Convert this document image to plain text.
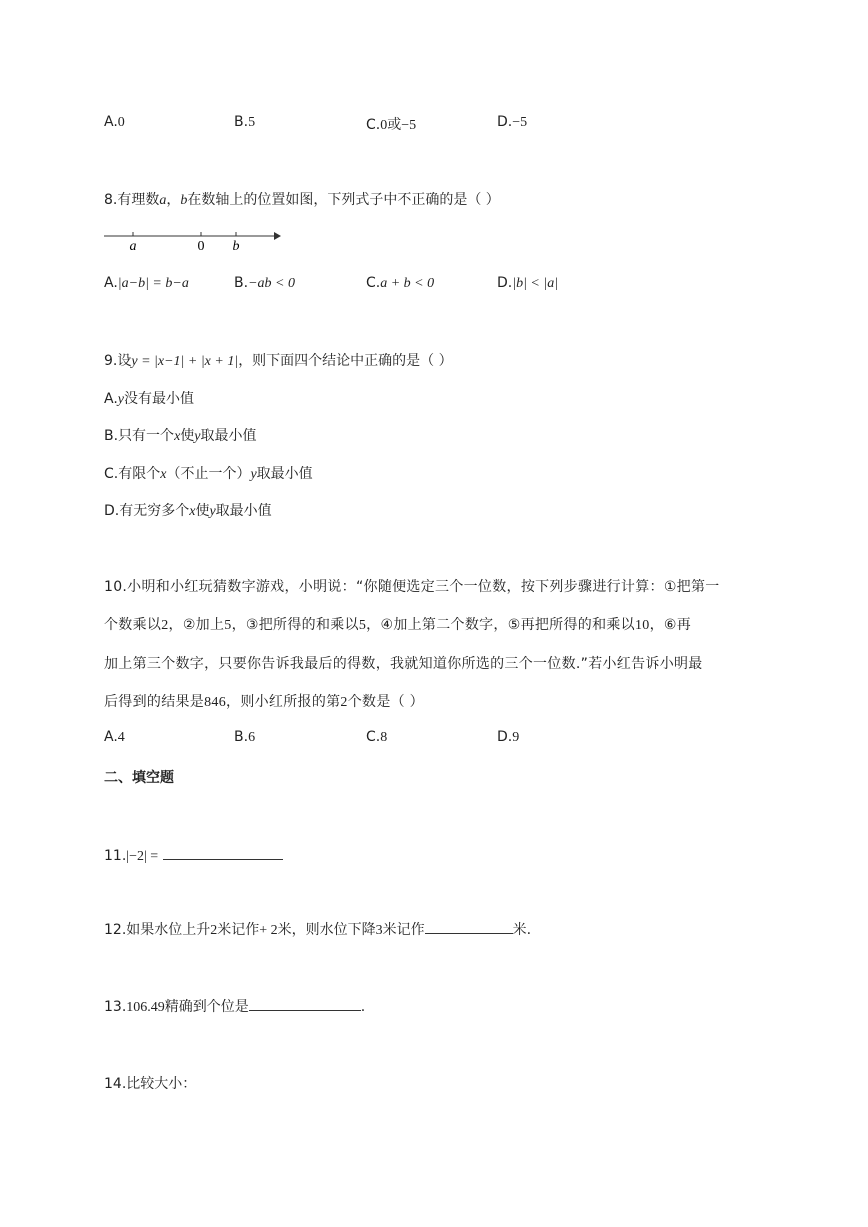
A.0	B.5	C.0或−5	D.−5
8.有理数a，b在数轴上的位置如图，下列式子中不正确的是（ ）
a	0 b
A.|a−b| = b−a	B.−ab < 0	C.a + b < 0	D.|b| < |a|
9.设y = |x−1| + |x + 1|，则下面四个结论中正确的是（ ）
A.y没有最小值
B.只有一个x使y取最小值
C.有限个x（不止一个）y取最小值
D.有无穷多个x使y取最小值
10.小明和小红玩猜数字游戏，小明说：“你随便选定三个一位数，按下列步骤进行计算：①把第一
个数乘以2，②加上5，③把所得的和乘以5，④加上第二个数字，⑤再把所得的和乘以10，⑥再
加上第三个数字，只要你告诉我最后的得数，我就知道你所选的三个一位数.”若小红告诉小明最
后得到的结果是846，则小红所报的第2个数是（ ）
A.4	B.6	C.8	D.9
二、填空题
11.|−2| =
12.如果水位上升2米记作+ 2米，则水位下降3米记作	米.
13.106.49精确到个位是	.
14.比较大小：
